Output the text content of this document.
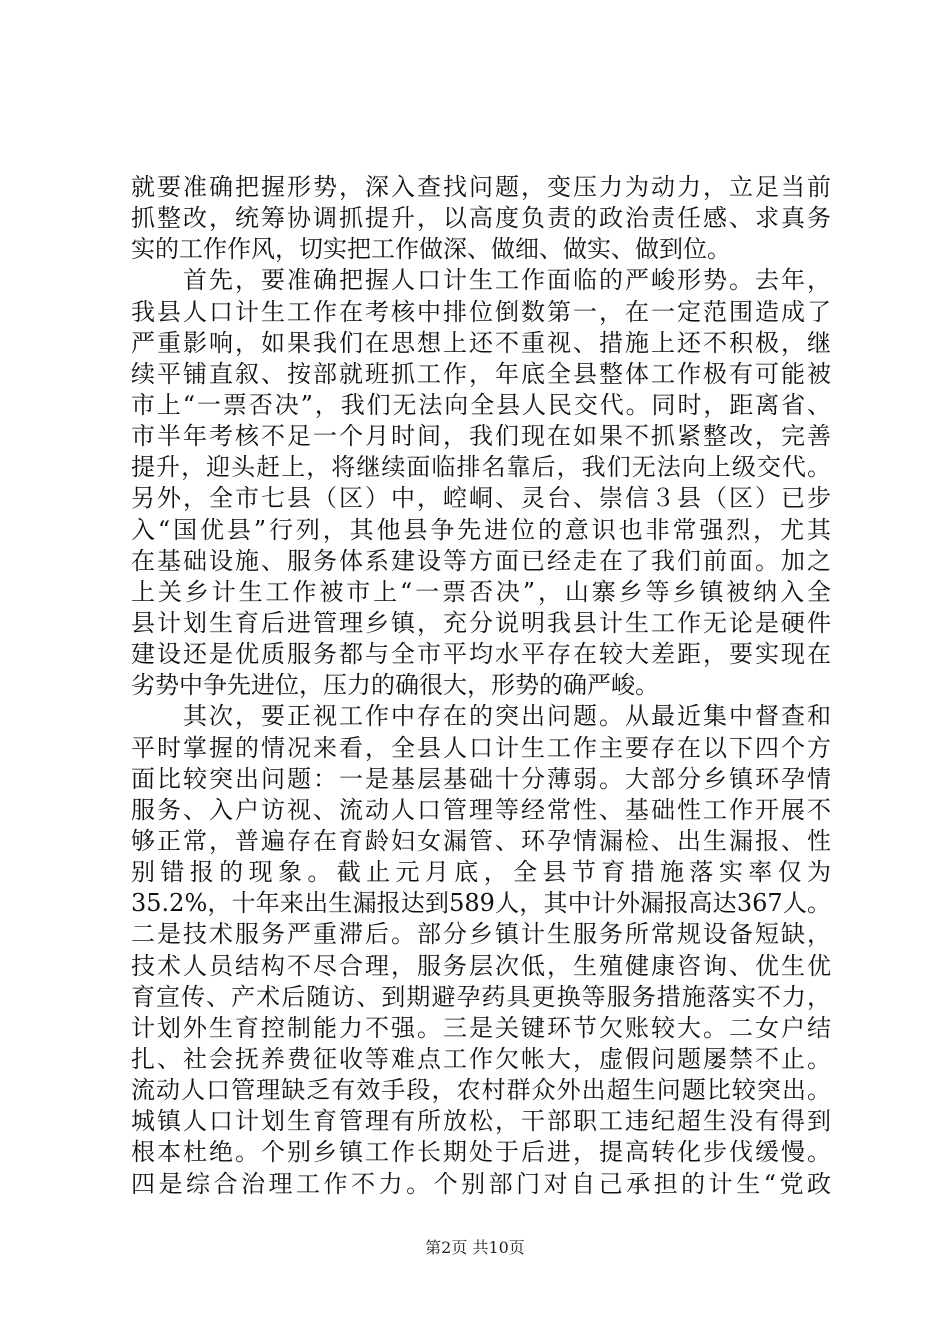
就要准确把握形势，深入查找问题，变压力为动力，立足当前
抓整改，统筹协调抓提升，以高度负责的政治责任感、求真务
实的工作作风，切实把工作做深、做细、做实、做到位。
　　首先，要准确把握人口计生工作面临的严峻形势。去年，
我县人口计生工作在考核中排位倒数第一，在一定范围造成了
严重影响，如果我们在思想上还不重视、措施上还不积极，继
续平铺直叙、按部就班抓工作，年底全县整体工作极有可能被
市上“一票否决”，我们无法向全县人民交代。同时，距离省、
市半年考核不足一个月时间，我们现在如果不抓紧整改，完善
提升，迎头赶上，将继续面临排名靠后，我们无法向上级交代。
另外，全市七县（区）中，崆峒、灵台、崇信３县（区）已步
入“国优县”行列，其他县争先进位的意识也非常强烈，尤其
在基础设施、服务体系建设等方面已经走在了我们前面。加之
上关乡计生工作被市上“一票否决”，山寨乡等乡镇被纳入全
县计划生育后进管理乡镇，充分说明我县计生工作无论是硬件
建设还是优质服务都与全市平均水平存在较大差距，要实现在
劣势中争先进位，压力的确很大，形势的确严峻。
　　其次，要正视工作中存在的突出问题。从最近集中督查和
平时掌握的情况来看，全县人口计生工作主要存在以下四个方
面比较突出问题：一是基层基础十分薄弱。大部分乡镇环孕情
服务、入户访视、流动人口管理等经常性、基础性工作开展不
够正常，普遍存在育龄妇女漏管、环孕情漏检、出生漏报、性
别错报的现象。截止元月底，全县节育措施落实率仅为
35.2%，十年来出生漏报达到589人，其中计外漏报高达367人。
二是技术服务严重滞后。部分乡镇计生服务所常规设备短缺，
技术人员结构不尽合理，服务层次低，生殖健康咨询、优生优
育宣传、产术后随访、到期避孕药具更换等服务措施落实不力，
计划外生育控制能力不强。三是关键环节欠账较大。二女户结
扎、社会抚养费征收等难点工作欠帐大，虚假问题屡禁不止。
流动人口管理缺乏有效手段，农村群众外出超生问题比较突出。
城镇人口计划生育管理有所放松，干部职工违纪超生没有得到
根本杜绝。个别乡镇工作长期处于后进，提高转化步伐缓慢。
四是综合治理工作不力。个别部门对自己承担的计生“党政
第2页 共10页
